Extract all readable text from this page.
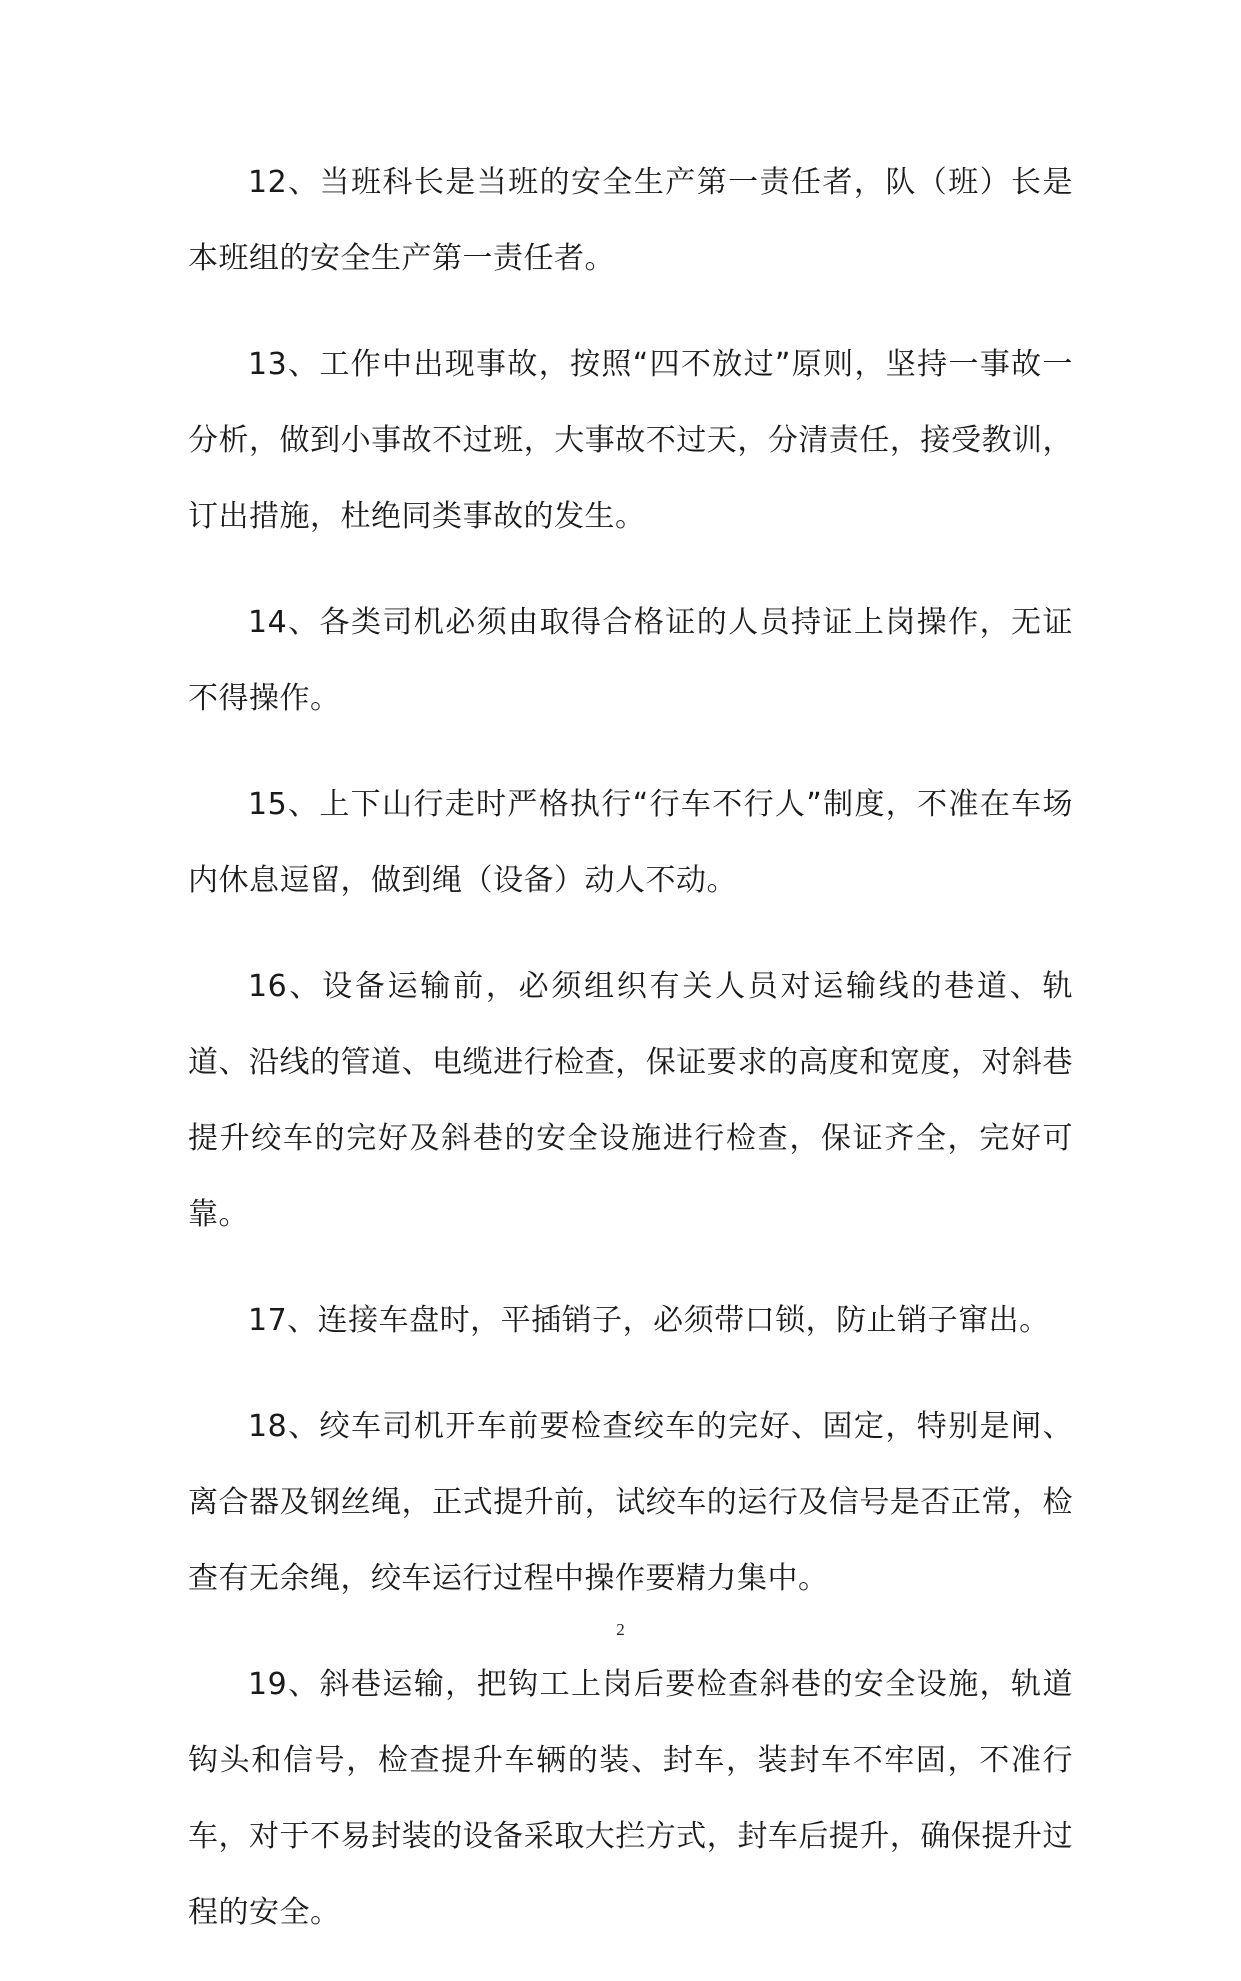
12、当班科长是当班的安全生产第一责任者，队（班）长是本班组的安全生产第一责任者。

13、工作中出现事故，按照“四不放过”原则，坚持一事故一分析，做到小事故不过班，大事故不过天，分清责任，接受教训，订出措施，杜绝同类事故的发生。

14、各类司机必须由取得合格证的人员持证上岗操作，无证不得操作。

15、上下山行走时严格执行“行车不行人”制度，不准在车场内休息逗留，做到绳（设备）动人不动。

16、设备运输前，必须组织有关人员对运输线的巷道、轨道、沿线的管道、电缆进行检查，保证要求的高度和宽度，对斜巷提升绞车的完好及斜巷的安全设施进行检查，保证齐全，完好可靠。

17、连接车盘时，平插销子，必须带口锁，防止销子窜出。

18、绞车司机开车前要检查绞车的完好、固定，特别是闸、离合器及钢丝绳，正式提升前，试绞车的运行及信号是否正常，检查有无余绳，绞车运行过程中操作要精力集中。

19、斜巷运输，把钩工上岗后要检查斜巷的安全设施，轨道钩头和信号，检查提升车辆的装、封车，装封车不牢固，不准行车，对于不易封装的设备采取大拦方式，封车后提升，确保提升过程的安全。

2
